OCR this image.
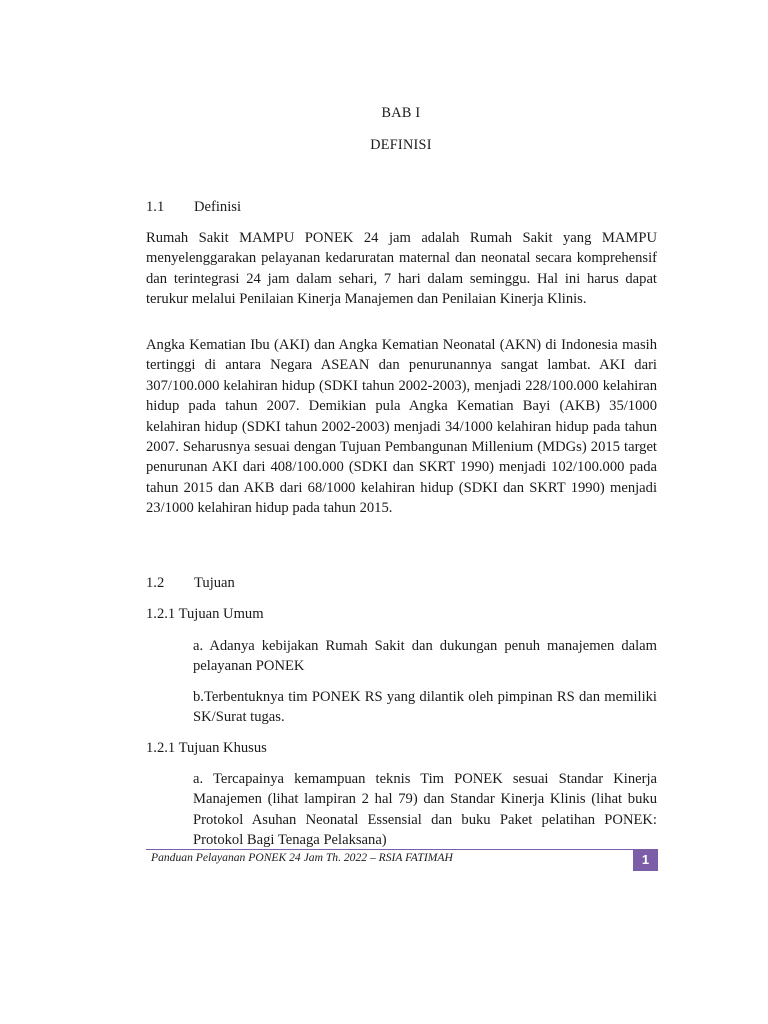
BAB I
DEFINISI
1.1 Definisi

Rumah Sakit MAMPU PONEK 24 jam adalah Rumah Sakit yang MAMPU menyelenggarakan pelayanan kedaruratan maternal dan neonatal secara komprehensif dan terintegrasi 24 jam dalam sehari, 7 hari dalam seminggu. Hal ini harus dapat terukur melalui Penilaian Kinerja Manajemen dan Penilaian Kinerja Klinis.

Angka Kematian Ibu (AKI) dan Angka Kematian Neonatal (AKN) di Indonesia masih tertinggi di antara Negara ASEAN dan penurunannya sangat lambat. AKI dari 307/100.000 kelahiran hidup (SDKI tahun 2002-2003), menjadi 228/100.000 kelahiran hidup pada tahun 2007. Demikian pula Angka Kematian Bayi (AKB) 35/1000 kelahiran hidup (SDKI tahun 2002-2003) menjadi 34/1000 kelahiran hidup pada tahun 2007. Seharusnya sesuai dengan Tujuan Pembangunan Millenium (MDGs) 2015 target penurunan AKI dari 408/100.000 (SDKI dan SKRT 1990) menjadi 102/100.000 pada tahun 2015 dan AKB dari 68/1000 kelahiran hidup (SDKI dan SKRT 1990) menjadi 23/1000 kelahiran hidup pada tahun 2015.

1.2 Tujuan
1.2.1 Tujuan Umum

a. Adanya kebijakan Rumah Sakit dan dukungan penuh manajemen dalam pelayanan PONEK

b.Terbentuknya tim PONEK RS yang dilantik oleh pimpinan RS dan memiliki SK/Surat tugas.

1.2.1 Tujuan Khusus

a. Tercapainya kemampuan teknis Tim PONEK sesuai Standar Kinerja Manajemen (lihat lampiran 2 hal 79) dan Standar Kinerja Klinis (lihat buku Protokol Asuhan Neonatal Essensial dan buku Paket pelatihan PONEK: Protokol Bagi Tenaga Pelaksana)

Panduan Pelayanan PONEK 24 Jam Th. 2022 – RSIA FATIMAH	1
